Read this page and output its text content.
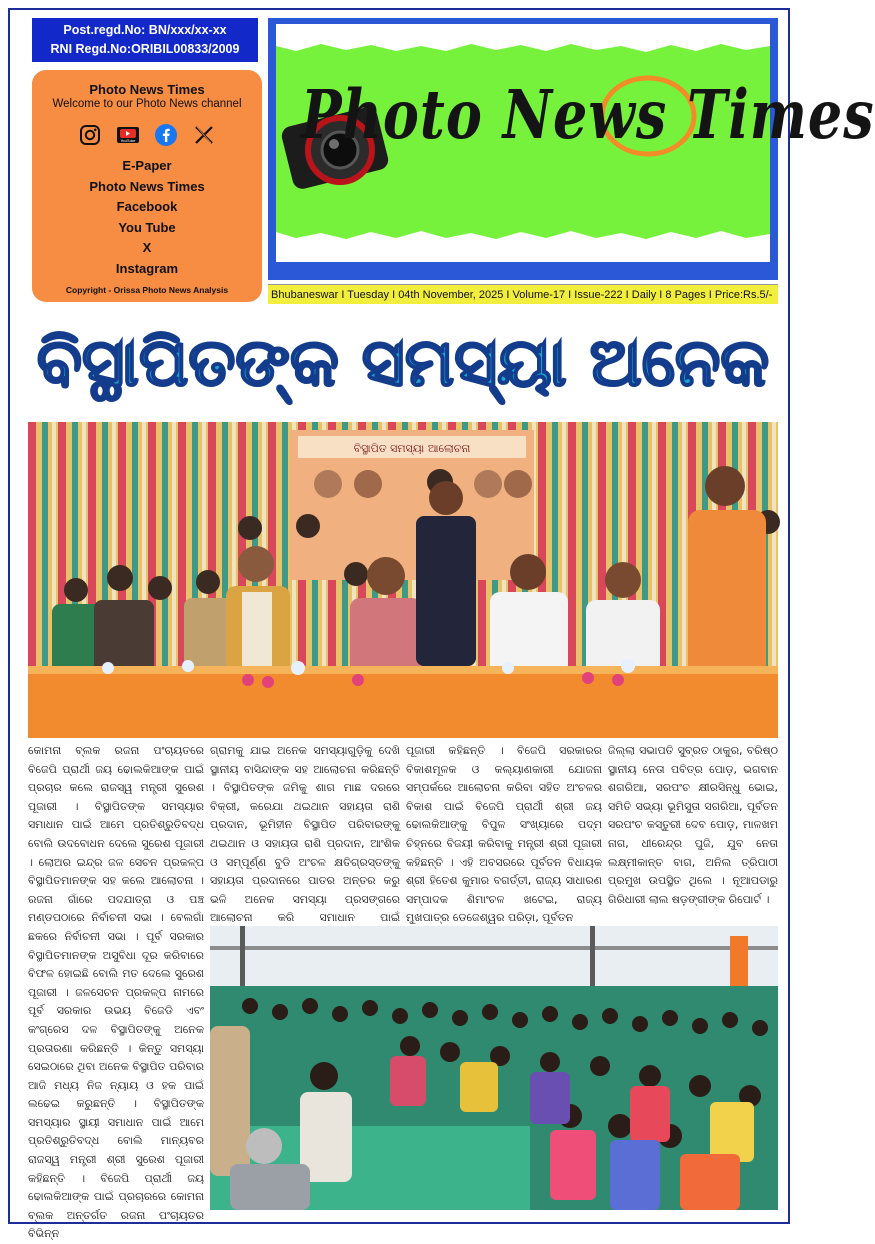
Post.regd.No: BN/xxx/xx-xx
RNI Regd.No:ORIBIL00833/2009
Photo News Times
Welcome to our Photo News channel
YouTube
E-Paper
Photo News Times
Facebook
You Tube
X
Instagram
Copyright - Orissa Photo News Analysis
Photo News Times
Bhubaneswar I Tuesday I 04th November, 2025 I Volume-17 I Issue-222 I Daily I 8 Pages I Price:Rs.5/-
ବିସ୍ଥାପିତଙ୍କ ସମସ୍ୟା ଅନେକ
ବିସ୍ଥାପିତ ସମସ୍ୟା ଆଲୋଚନା
କୋମନା ବ୍ଲକ ରଜନା ପଂଚାୟତରେ ବିଜେପି ପ୍ରାର୍ଥୀ ଜୟ ଢୋଲକିଆଙ୍କ ପାଇଁ ପ୍ରଚାର କଲେ ରାଜସ୍ୱ ମନ୍ତ୍ରୀ ସୁରେଶ ପୂଜାରୀ । ବିସ୍ଥାପିତଙ୍କ ସମସ୍ୟାର ସମାଧାନ ପାଇଁ ଆମେ ପ୍ରତିଶ୍ରୁତିବଦ୍ଧ ବୋଲି ଉଦବୋଧନ ଦେଲେ ସୁରେଶ ପୂଜାରୀ । ଲୋଅର ଇନ୍ଦ୍ର ଜଳ ସେଚନ ପ୍ରକଳ୍ପ ବିସ୍ଥାପିତମାନଙ୍କ ସହ କଲେ ଆଲୋଚନା । ରଜନା ଗାଁରେ ପଦଯାତ୍ରା ଓ ପଞ୍ଚ ମଣ୍ଡପଠାରେ ନିର୍ବାଚନୀ ସଭା । ବେଲଗାଁ ଛକରେ ନିର୍ବାଚନୀ ସଭା । ପୂର୍ବ ସରକାର ବିସ୍ଥାପିତମାନଙ୍କ ଅସୁବିଧା ଦୂର କରିବାରେ ବିଫଳ ହୋଇଛି ବୋଲି ମତ ଦେଲେ ସୁରେଶ ପୂଜାରୀ । ଜଳସେଚନ ପ୍ରକଳ୍ପ ନାମରେ ପୂର୍ବ ସରକାର ଉଭୟ ବିଜେଡି ଏବଂ କଂଗ୍ରେସ ଦଳ ବିସ୍ଥାପିତଙ୍କୁ ଅନେକ ପ୍ରତାରଣା କରିଛନ୍ତି । କିନ୍ତୁ ସମସ୍ୟା ସେଇଠାରେ ଥିବା ଅନେକ ବିସ୍ଥାପିତ ପରିବାର ଆଜି ମଧ୍ୟ ନିଜ ନ୍ୟାୟ ଓ ହକ ପାଇଁ ଲଢେଇ କରୁଛନ୍ତି । ବିସ୍ଥାପିତଙ୍କ ସମସ୍ୟାର ସ୍ଥାୟୀ ସମାଧାନ ପାଇଁ ଆମେ ପ୍ରତିଶ୍ରୁତିବଦ୍ଧ ବୋଲି ମାନ୍ୟବର ରାଜସ୍ୱ ମନ୍ତ୍ରୀ ଶ୍ରୀ ସୁରେଶ ପୂଜାରୀ କହିଛନ୍ତି । ବିଜେପି ପ୍ରାର୍ଥୀ ଜୟ ଢୋଲକିଆଙ୍କ ପାଇଁ ପ୍ରଚାରରେ କୋମନା ବ୍ଲକ ଅନ୍ତର୍ଗତ ରଜନା ପଂଚାୟତର ବିଭିନ୍ନ
ଗ୍ରାମକୁ ଯାଇ ଅନେକ ସମସ୍ୟାଗୁଡ଼ିକୁ ଦେଖି ସ୍ଥାନୀୟ ବାସିନ୍ଦାଙ୍କ ସହ ଆଲୋଚନା କରିଛନ୍ତି । ବିସ୍ଥାପିତଙ୍କ ଜମିକୁ ଶାଗ ମାଛ ଦରରେ ବିକ୍ରୀ, କରେଯା ଥଇଥାନ ସହାୟତା ରାଶି ପ୍ରଦାନ, ଭୂମିହୀନ ବିସ୍ଥାପିତ ପରିବାରଙ୍କୁ ଥଇଥାନ ଓ ସହାୟତା ରାଶି ପ୍ରଦାନ, ଆଂଶିକ ଓ ସମ୍ପୂର୍ଣ୍ଣ ବୁଡି ଅଂଚଳ କ୍ଷତିଗ୍ରସ୍ତଙ୍କୁ ସହାୟତା ପ୍ରଦାନରେ ପାତର ଅନ୍ତର କରୁ ଭଳି ଅନେକ ସମସ୍ୟା ପ୍ରସଙ୍ଗରେ ଆଲୋଚନା କରି ସମାଧାନ ପାଇଁ
ପୂଜାରୀ କହିଛନ୍ତି । ବିଜେପି ସରକାରର ବିକାଶମୂଳକ ଓ କଲ୍ୟାଣକାରୀ ଯୋଜନା ସମ୍ପର୍କରେ ଆଲୋଚନା କରିବା ସହିତ ଅଂଚଳର ବିକାଶ ପାଇଁ ବିଜେପି ପ୍ରାର୍ଥୀ ଶ୍ରୀ ଜୟ ଢୋଲକିଆଙ୍କୁ ବିପୁଳ ସଂଖ୍ୟାରେ ପଦ୍ମ ଚିହ୍ନରେ ବିଜୟୀ କରିବାକୁ ମନ୍ତ୍ରୀ ଶ୍ରୀ ପୂଜାରୀ କହିଛନ୍ତି । ଏହି ଅବସରରେ ପୂର୍ବତନ ବିଧାୟକ ଶ୍ରୀ ହିତେଶ କୁମାର ବଗର୍ତ୍ତୀ, ରାଜ୍ୟ ସାଧାରଣ ସମ୍ପାଦକ ଶିମାଂଚଳ ଖଟେଇ, ରାଜ୍ୟ ମୁଖପାତ୍ର ଡେଜେଶ୍ୱର ପରିଡ଼ା, ପୂର୍ବତନ
ଜିଲ୍ଲା ସଭାପତି ସୁବ୍ରତ ଠାକୁର, ବରିଷ୍ଠ ସ୍ଥାନୀୟ ନେତା ପବିତ୍ର ପୋଡ଼, ଭଗବାନ ଶଗରିଆ, ସରପଂଚ କ୍ଷୀରସିନ୍ଧୁ ଭୋଇ, ସମିତି ସଭ୍ୟା ଭୂମିସୁତା ସଗରିଆ, ପୂର୍ବତନ ସରପଂଚ କସ୍ତୁରୀ ଦେବ ପୋଡ଼, ମାଳଖମ ନାଗ, ଧୀରେନ୍ଦ୍ର ପୁଜି, ଯୁବ ନେତା ଲକ୍ଷ୍ମୀକାନ୍ତ ବାଗ, ଅନିଲ ତ୍ରିପାଠୀ ପ୍ରମୁଖ ଉପସ୍ଥିତ ଥିଲେ । ନୂଆପଡାରୁ ଗିରିଧାରୀ ଲାଲ ଷଡ଼ଙ୍ଗୀଙ୍କ ରିପୋର୍ଟ ।
